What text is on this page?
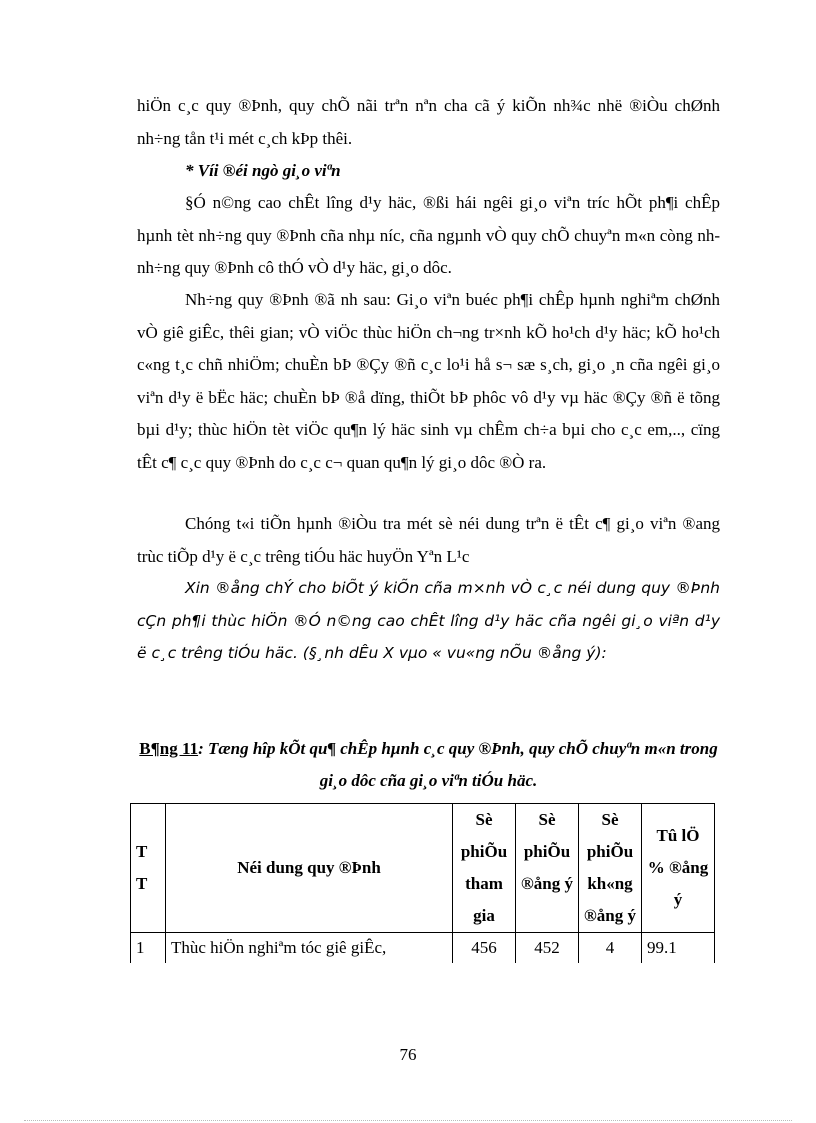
hiÖn c¸c quy ®Þnh, quy chÕ nãi trªn nªn cha cã ý kiÕn nh¾c nhë ®iÒu chØnh nh÷ng tån t¹i mét c¸ch kÞp thêi.

* Víi ®éi ngò gi¸o viªn

§Ó n©ng cao chÊt lîng d¹y häc, ®ßi hái ngêi gi¸o viªn tríc hÕt ph¶i chÊp hµnh tèt nh÷ng quy ®Þnh cña nhµ níc, cña ngµnh vÒ quy chÕ chuyªn m«n còng nh nh÷ng quy ®Þnh cô thÓ vÒ d¹y häc, gi¸o dôc.

Nh÷ng quy ®Þnh ®ã nh sau: Gi¸o viªn buéc ph¶i chÊp hµnh nghiªm chØnh vÒ giê giÊc, thêi gian; vÒ viÖc thùc hiÖn ch¬ng tr×nh kÕ ho¹ch d¹y häc; kÕ ho¹ch c«ng t¸c chñ nhiÖm; chuÈn bÞ ®Çy ®ñ c¸c lo¹i hå s¬ sæ s¸ch, gi¸o ¸n cña ngêi gi¸o viªn d¹y ë bËc häc; chuÈn bÞ ®å dïng, thiÕt bÞ phôc vô d¹y vµ häc ®Çy ®ñ ë tõng bµi d¹y; thùc hiÖn tèt viÖc qu¶n lý häc sinh vµ chÊm ch÷a bµi cho c¸c em,.., cïng tÊt c¶ c¸c quy ®Þnh do c¸c c¬ quan qu¶n lý gi¸o dôc ®Ò ra.

Chóng t«i tiÕn hµnh ®iÒu tra mét sè néi dung trªn ë tÊt c¶ gi¸o viªn ®ang trùc tiÕp d¹y ë c¸c trêng tiÓu häc huyÖn Yªn L¹c

Xin ®ång chÝ cho biÕt ý kiÕn cña m×nh vÒ c¸c néi dung quy ®Þnh cÇn ph¶i thùc hiÖn ®Ó n©ng cao chÊt lîng d¹y häc cña ngêi gi¸o viªn d¹y ë c¸c trêng tiÓu häc. (§¸nh dÊu X vµo « vu«ng nÕu ®ång ý):

B¶ng 11: Tæng hîp kÕt qu¶ chÊp hµnh c¸c quy ®Þnh, quy chÕ chuyªn m«n trong gi¸o dôc cña gi¸o viªn tiÓu häc.

T T	Néi dung quy ®Þnh	Sè phiÕu tham gia	Sè phiÕu ®ång ý	Sè phiÕu kh«ng ®ång ý	Tû lÖ % ®ång ý
1	Thùc hiÖn nghiªm tóc giê giÊc,	456	452	4	99.1
76
